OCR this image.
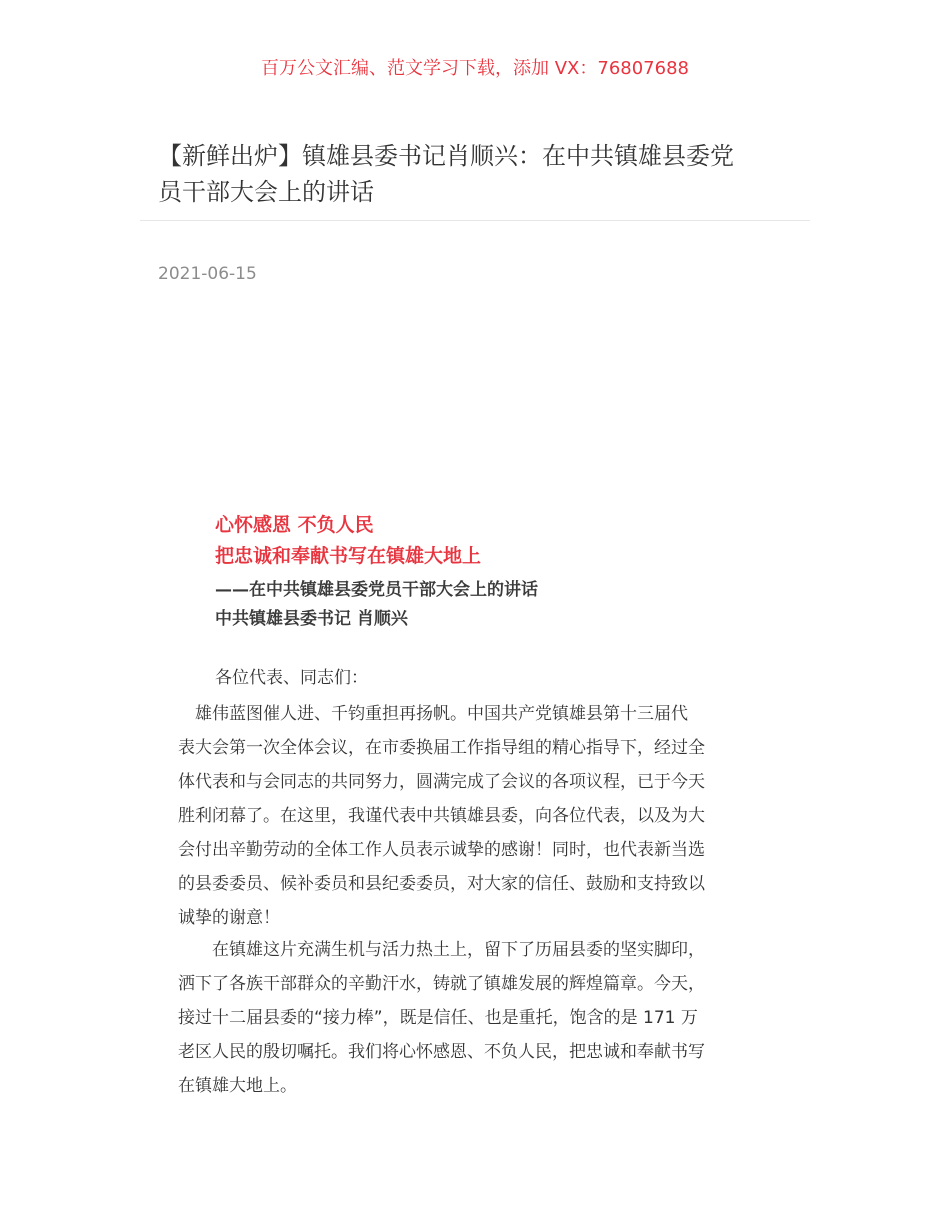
百万公文汇编、范文学习下载，添加 VX：76807688
【新鲜出炉】镇雄县委书记肖顺兴：在中共镇雄县委党
员干部大会上的讲话
2021-06-15
心怀感恩 不负人民
把忠诚和奉献书写在镇雄大地上
——在中共镇雄县委党员干部大会上的讲话
中共镇雄县委书记 肖顺兴
各位代表、同志们：

　雄伟蓝图催人进、千钧重担再扬帆。中国共产党镇雄县第十三届代
表大会第一次全体会议，在市委换届工作指导组的精心指导下，经过全
体代表和与会同志的共同努力，圆满完成了会议的各项议程，已于今天
胜利闭幕了。在这里，我谨代表中共镇雄县委，向各位代表，以及为大
会付出辛勤劳动的全体工作人员表示诚挚的感谢！同时，也代表新当选
的县委委员、候补委员和县纪委委员，对大家的信任、鼓励和支持致以
诚挚的谢意！

　　在镇雄这片充满生机与活力热土上，留下了历届县委的坚实脚印，
洒下了各族干部群众的辛勤汗水，铸就了镇雄发展的辉煌篇章。今天，
接过十二届县委的“接力棒”，既是信任、也是重托，饱含的是 171 万
老区人民的殷切嘱托。我们将心怀感恩、不负人民，把忠诚和奉献书写
在镇雄大地上。
